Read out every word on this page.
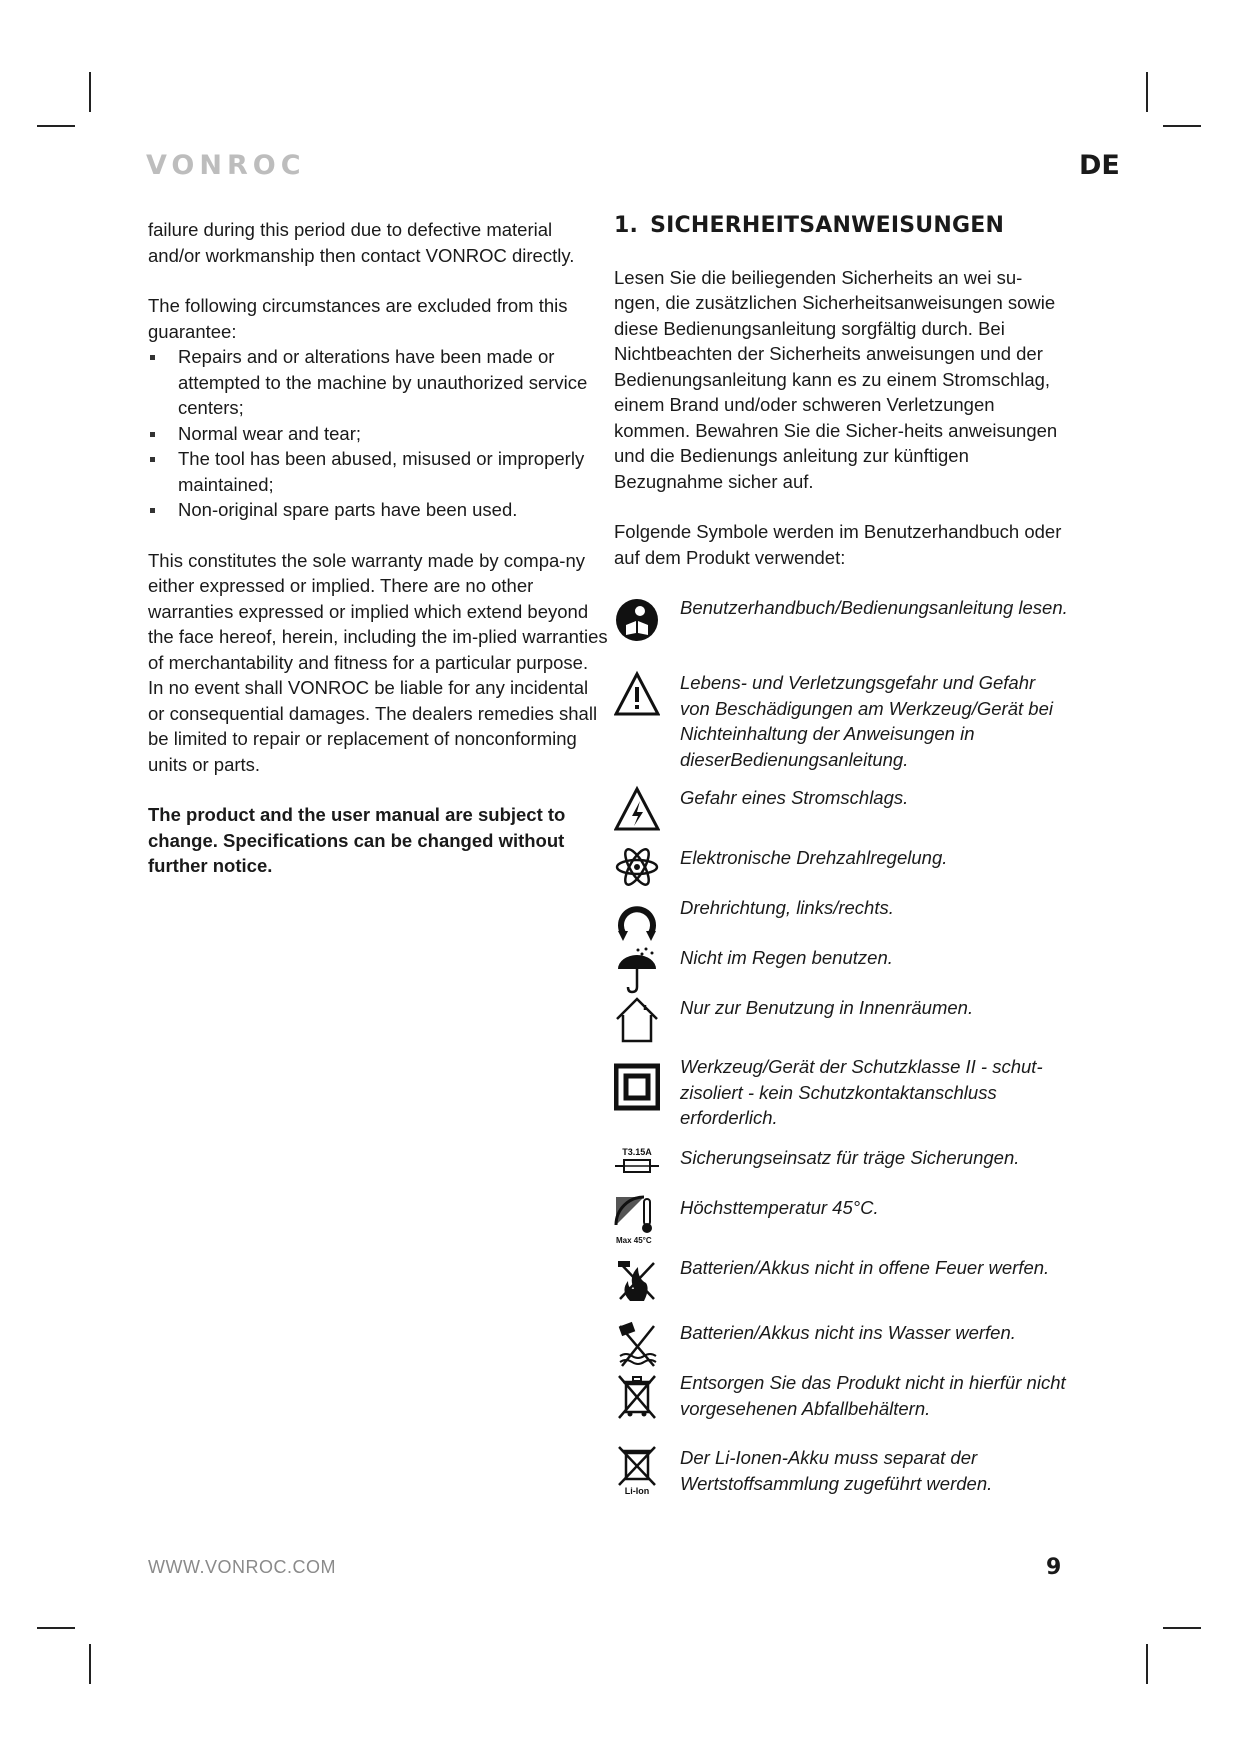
VONROC	DE

failure during this period due to defective material and/or workmanship then contact VONROC directly.

The following circumstances are excluded from this guarantee:

Repairs and or alterations have been made or attempted to the machine by unauthorized service centers;
Normal wear and tear;
The tool has been abused, misused or improperly maintained;
Non-original spare parts have been used.

This constitutes the sole warranty made by compa-ny either expressed or implied. There are no other warranties expressed or implied which extend beyond the face hereof, herein, including the im-plied warranties of merchantability and fitness for a particular purpose. In no event shall VONROC be liable for any incidental or consequential damages. The dealers remedies shall be limited to repair or replacement of nonconforming units or parts.

The product and the user manual are subject to change. Specifications can be changed without further notice.

1. SICHERHEITSANWEISUNGEN

Lesen Sie die beiliegenden Sicherheits an wei su-ngen, die zusätzlichen Sicherheitsanweisungen sowie diese Bedienungsanleitung sorgfältig durch. Bei Nichtbeachten der Sicherheits anweisungen und der Bedienungsanleitung kann es zu einem Stromschlag, einem Brand und/oder schweren Verletzungen kommen. Bewahren Sie die Sicher-heits anweisungen und die Bedienungs anleitung zur künftigen Bezugnahme sicher auf.

Folgende Symbole werden im Benutzerhandbuch oder auf dem Produkt verwendet:

Benutzerhandbuch/Bedienungsanleitung lesen.
Lebens- und Verletzungsgefahr und Gefahr von Beschädigungen am Werkzeug/Gerät bei Nichteinhaltung der Anweisungen in dieserBedienungsanleitung.
Gefahr eines Stromschlags.
Elektronische Drehzahlregelung.
Drehrichtung, links/rechts.
Nicht im Regen benutzen.
Nur zur Benutzung in Innenräumen.
Werkzeug/Gerät der Schutzklasse II - schut-zisoliert - kein Schutzkontaktanschluss erforderlich.
T3.15A Sicherungseinsatz für träge Sicherungen.
Max 45°C
Höchsttemperatur 45°C.
Batterien/Akkus nicht in offene Feuer werfen.
Batterien/Akkus nicht ins Wasser werfen.
Entsorgen Sie das Produkt nicht in hierfür nicht vorgesehenen Abfallbehältern.
Li-Ion
Der Li-Ionen-Akku muss separat der Wertstoffsammlung zugeführt werden.
WWW.VONROC.COM	9
